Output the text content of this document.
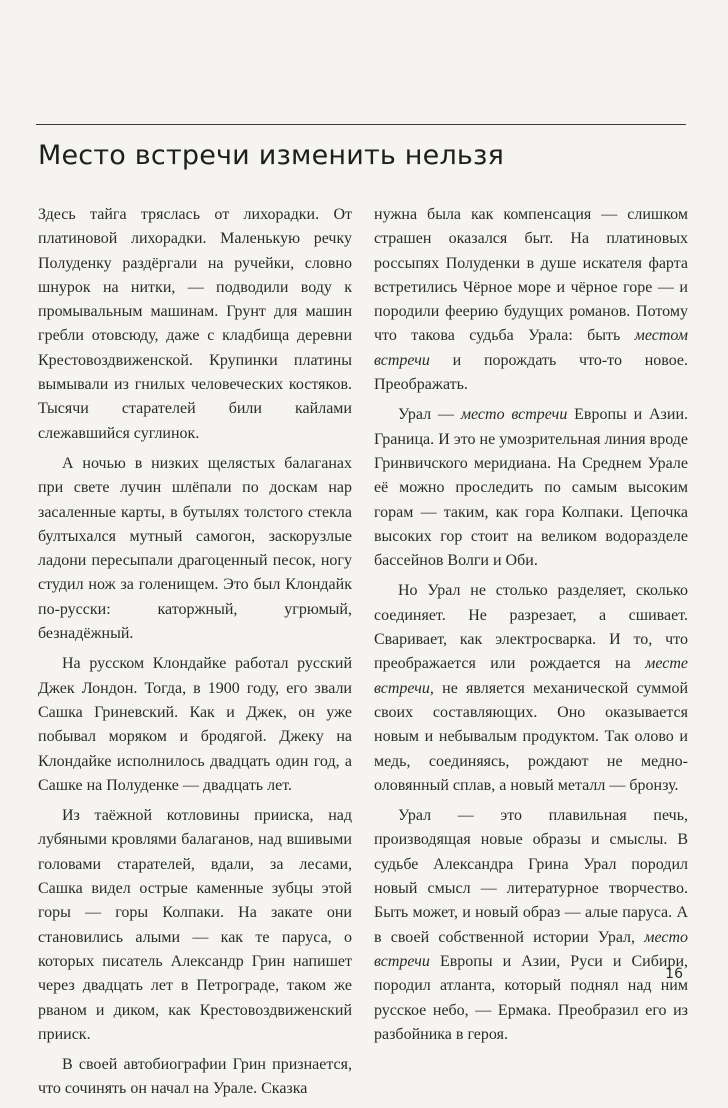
Место встречи изменить нельзя

Здесь тайга тряслась от лихорадки. От платиновой лихорадки. Маленькую речку Полуденку раздёргали на ручейки, словно шнурок на нитки, — подводили воду к промывальным машинам. Грунт для машин гребли отовсюду, даже с кладбища деревни Крестовоздвиженской. Крупинки платины вымывали из гнилых человеческих костяков. Тысячи старателей били кайлами слежавшийся суглинок.

А ночью в низких щелястых балаганах при свете лучин шлёпали по доскам нар засаленные карты, в бутылях толстого стекла бултыхался мутный самогон, заскорузлые ладони пересыпали драгоценный песок, ногу студил нож за голенищем. Это был Клондайк по-русски: каторжный, угрюмый, безнадёжный.

На русском Клондайке работал русский Джек Лондон. Тогда, в 1900 году, его звали Сашка Гриневский. Как и Джек, он уже побывал моряком и бродягой. Джеку на Клондайке исполнилось двадцать один год, а Сашке на Полуденке — двадцать лет.

Из таёжной котловины прииска, над лубяными кровлями балаганов, над вшивыми головами старателей, вдали, за лесами, Сашка видел острые каменные зубцы этой горы — горы Колпаки. На закате они становились алыми — как те паруса, о которых писатель Александр Грин напишет через двадцать лет в Петрограде, таком же рваном и диком, как Крестовоздвиженский прииск.

В своей автобиографии Грин признается, что сочинять он начал на Урале. Сказка

нужна была как компенсация — слишком страшен оказался быт. На платиновых россыпях Полуденки в душе искателя фарта встретились Чёрное море и чёрное горе — и породили феерию будущих романов. Потому что такова судьба Урала: быть местом встречи и порождать что-то новое. Преображать.

Урал — место встречи Европы и Азии. Граница. И это не умозрительная линия вроде Гринвичского меридиана. На Среднем Урале её можно проследить по самым высоким горам — таким, как гора Колпаки. Цепочка высоких гор стоит на великом водоразделе бассейнов Волги и Оби.

Но Урал не столько разделяет, сколько соединяет. Не разрезает, а сшивает. Сваривает, как электросварка. И то, что преображается или рождается на месте встречи, не является механической суммой своих составляющих. Оно оказывается новым и небывалым продуктом. Так олово и медь, соединяясь, рождают не медно-оловянный сплав, а новый металл — бронзу.

Урал — это плавильная печь, производящая новые образы и смыслы. В судьбе Александра Грина Урал породил новый смысл — литературное творчество. Быть может, и новый образ — алые паруса. А в своей собственной истории Урал, место встречи Европы и Азии, Руси и Сибири, породил атланта, который поднял над ним русское небо, — Ермака. Преобразил его из разбойника в героя.

16
